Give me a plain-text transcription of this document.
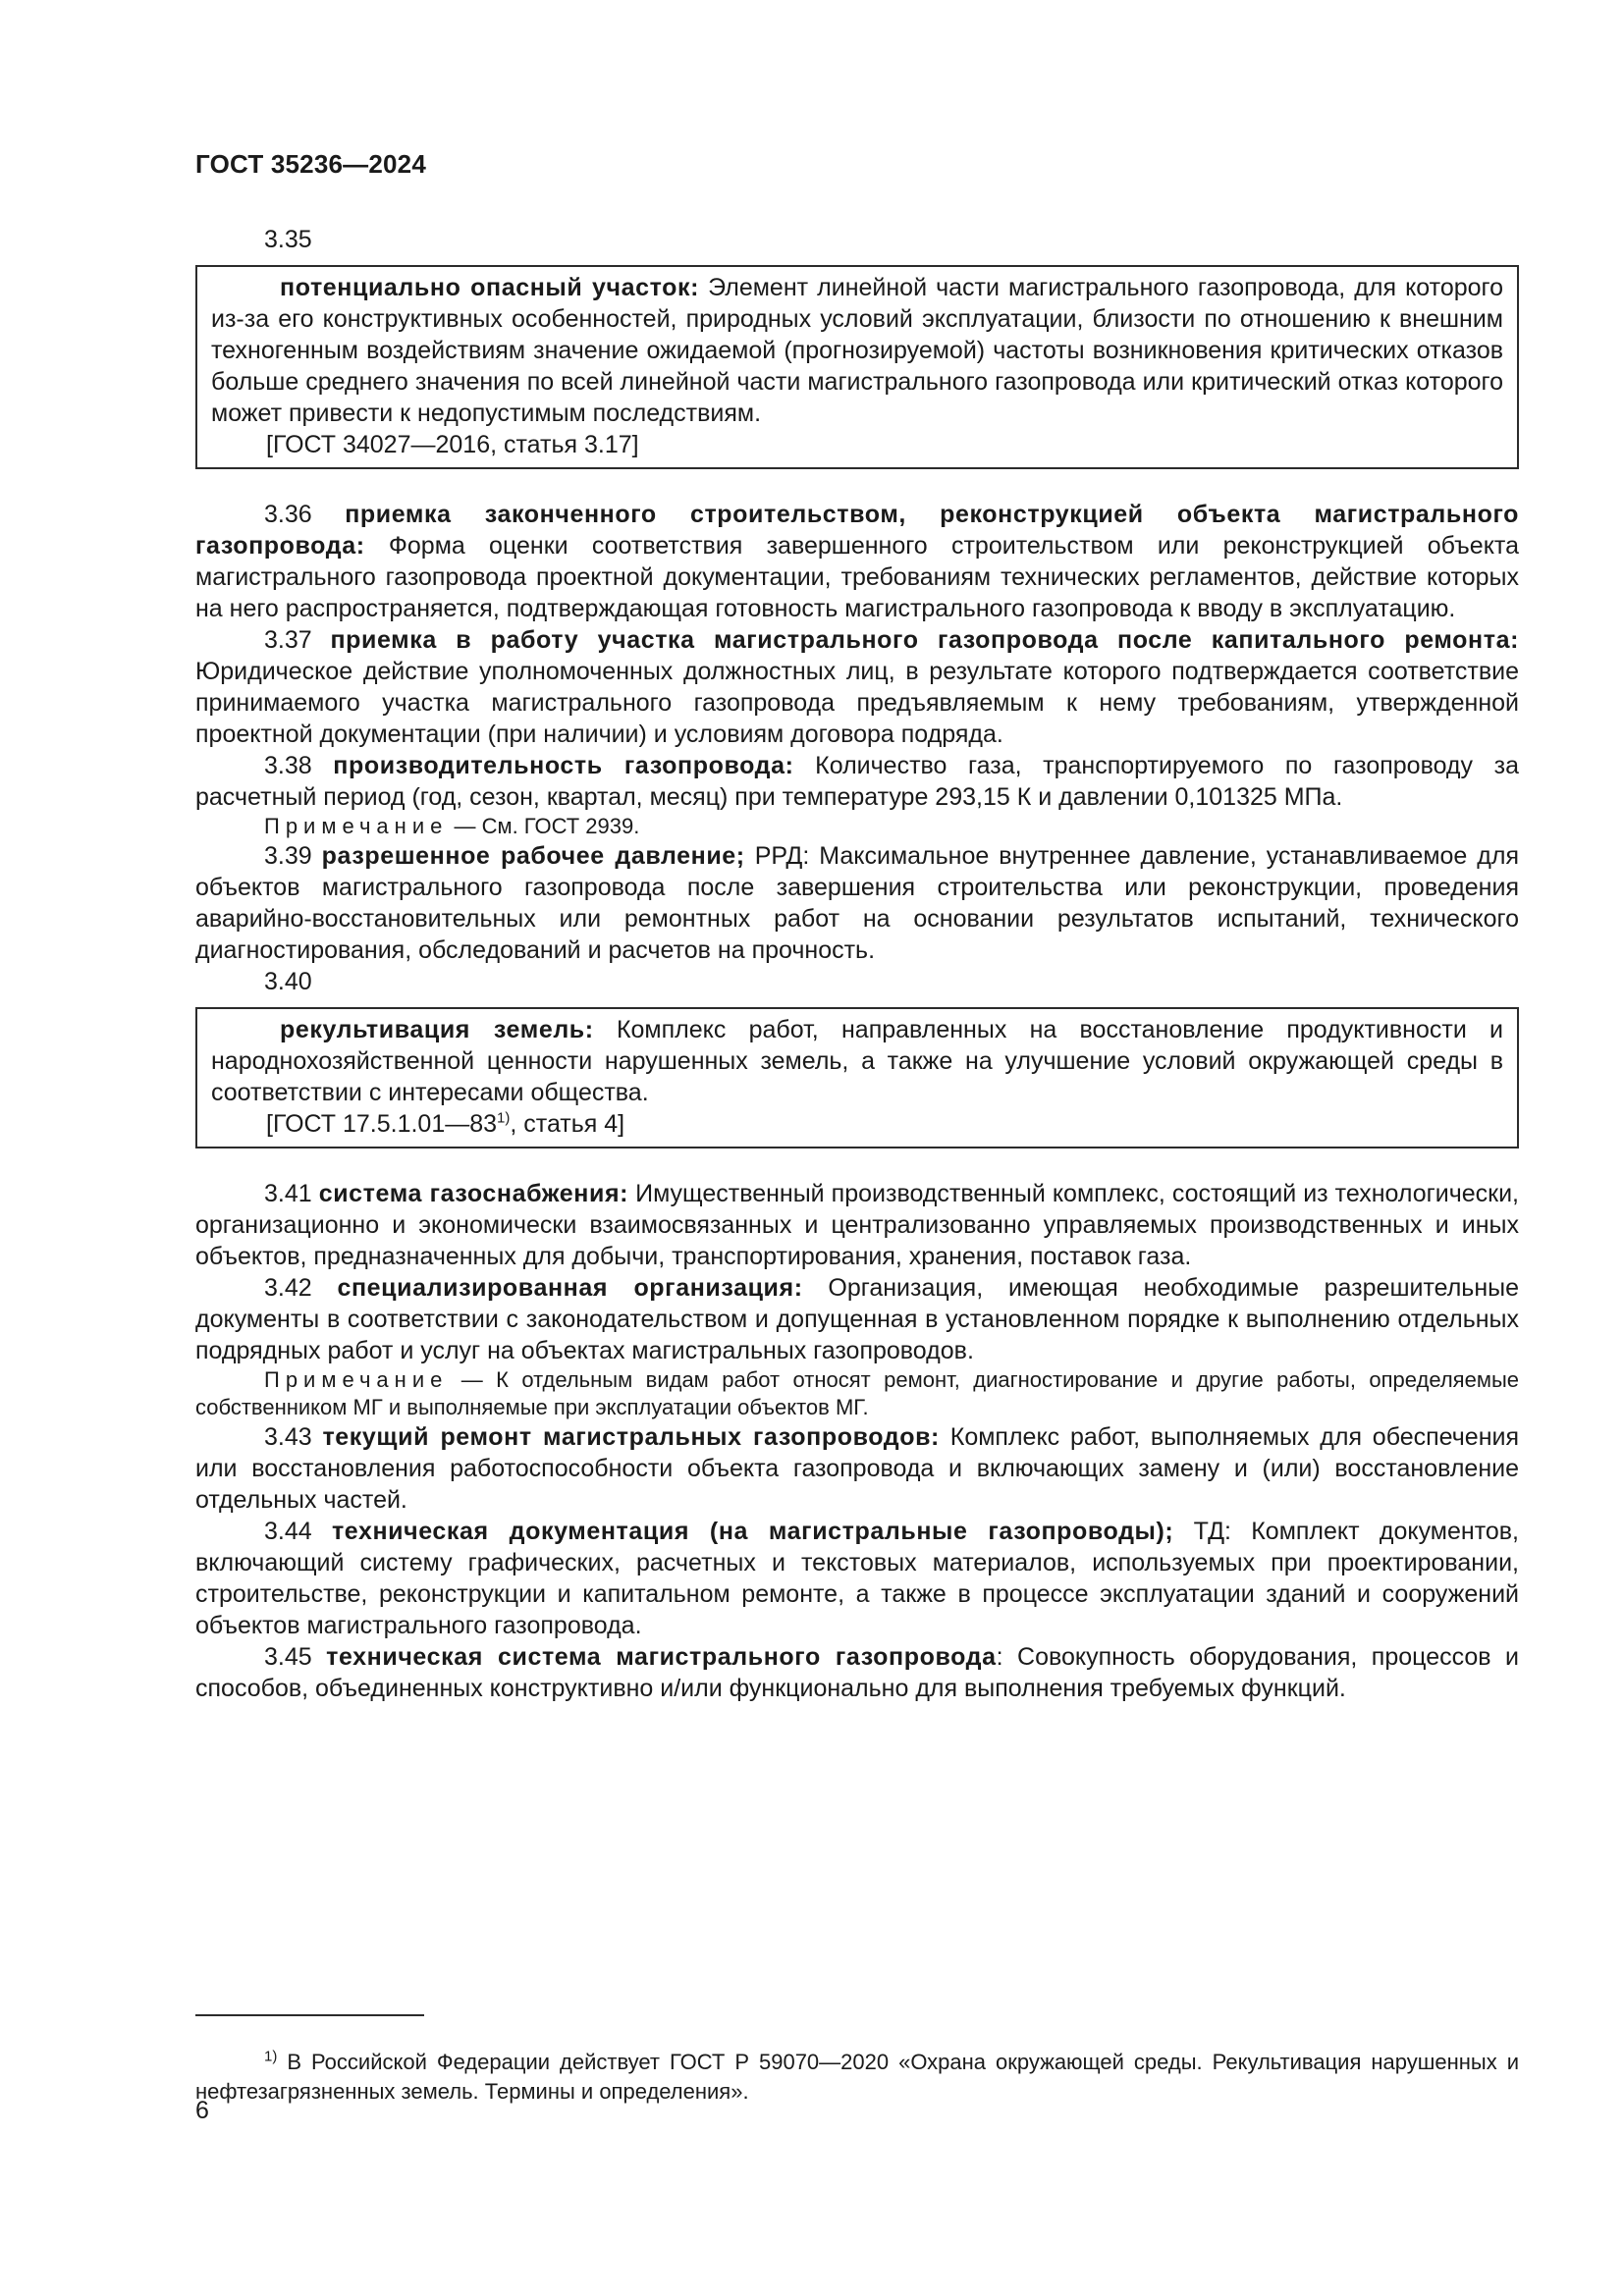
ГОСТ 35236—2024

3.35

потенциально опасный участок: Элемент линейной части магистрального газопровода, для которого из-за его конструктивных особенностей, природных условий эксплуатации, близости по отношению к внешним техногенным воздействиям значение ожидаемой (прогнозируемой) частоты возникновения критических отказов больше среднего значения по всей линейной части магистрального газопровода или критический отказ которого может привести к недопустимым последствиям.

[ГОСТ 34027—2016, статья 3.17]

3.36 приемка законченного строительством, реконструкцией объекта магистрального газопровода: Форма оценки соответствия завершенного строительством или реконструкцией объекта магистрального газопровода проектной документации, требованиям технических регламентов, действие которых на него распространяется, подтверждающая готовность магистрального газопровода к вводу в эксплуатацию.

3.37 приемка в работу участка магистрального газопровода после капитального ремонта: Юридическое действие уполномоченных должностных лиц, в результате которого подтверждается соответствие принимаемого участка магистрального газопровода предъявляемым к нему требованиям, утвержденной проектной документации (при наличии) и условиям договора подряда.

3.38 производительность газопровода: Количество газа, транспортируемого по газопроводу за расчетный период (год, сезон, квартал, месяц) при температуре 293,15 К и давлении 0,101325 МПа.

Примечание — См. ГОСТ 2939.

3.39 разрешенное рабочее давление; РРД: Максимальное внутреннее давление, устанавливаемое для объектов магистрального газопровода после завершения строительства или реконструкции, проведения аварийно-восстановительных или ремонтных работ на основании результатов испытаний, технического диагностирования, обследований и расчетов на прочность.

3.40

рекультивация земель: Комплекс работ, направленных на восстановление продуктивности и народнохозяйственной ценности нарушенных земель, а также на улучшение условий окружающей среды в соответствии с интересами общества.

[ГОСТ 17.5.1.01—83$^{1)}$, статья 4]

3.41 система газоснабжения: Имущественный производственный комплекс, состоящий из технологически, организационно и экономически взаимосвязанных и централизованно управляемых производственных и иных объектов, предназначенных для добычи, транспортирования, хранения, поставок газа.

3.42 специализированная организация: Организация, имеющая необходимые разрешительные документы в соответствии с законодательством и допущенная в установленном порядке к выполнению отдельных подрядных работ и услуг на объектах магистральных газопроводов.

Примечание — К отдельным видам работ относят ремонт, диагностирование и другие работы, определяемые собственником МГ и выполняемые при эксплуатации объектов МГ.

3.43 текущий ремонт магистральных газопроводов: Комплекс работ, выполняемых для обеспечения или восстановления работоспособности объекта газопровода и включающих замену и (или) восстановление отдельных частей.

3.44 техническая документация (на магистральные газопроводы); ТД: Комплект документов, включающий систему графических, расчетных и текстовых материалов, используемых при проектировании, строительстве, реконструкции и капитальном ремонте, а также в процессе эксплуатации зданий и сооружений объектов магистрального газопровода.

3.45 техническая система магистрального газопровода: Совокупность оборудования, процессов и способов, объединенных конструктивно и/или функционально для выполнения требуемых функций.

$^{1)}$ В Российской Федерации действует ГОСТ Р 59070—2020 «Охрана окружающей среды. Рекультивация нарушенных и нефтезагрязненных земель. Термины и определения».

6
